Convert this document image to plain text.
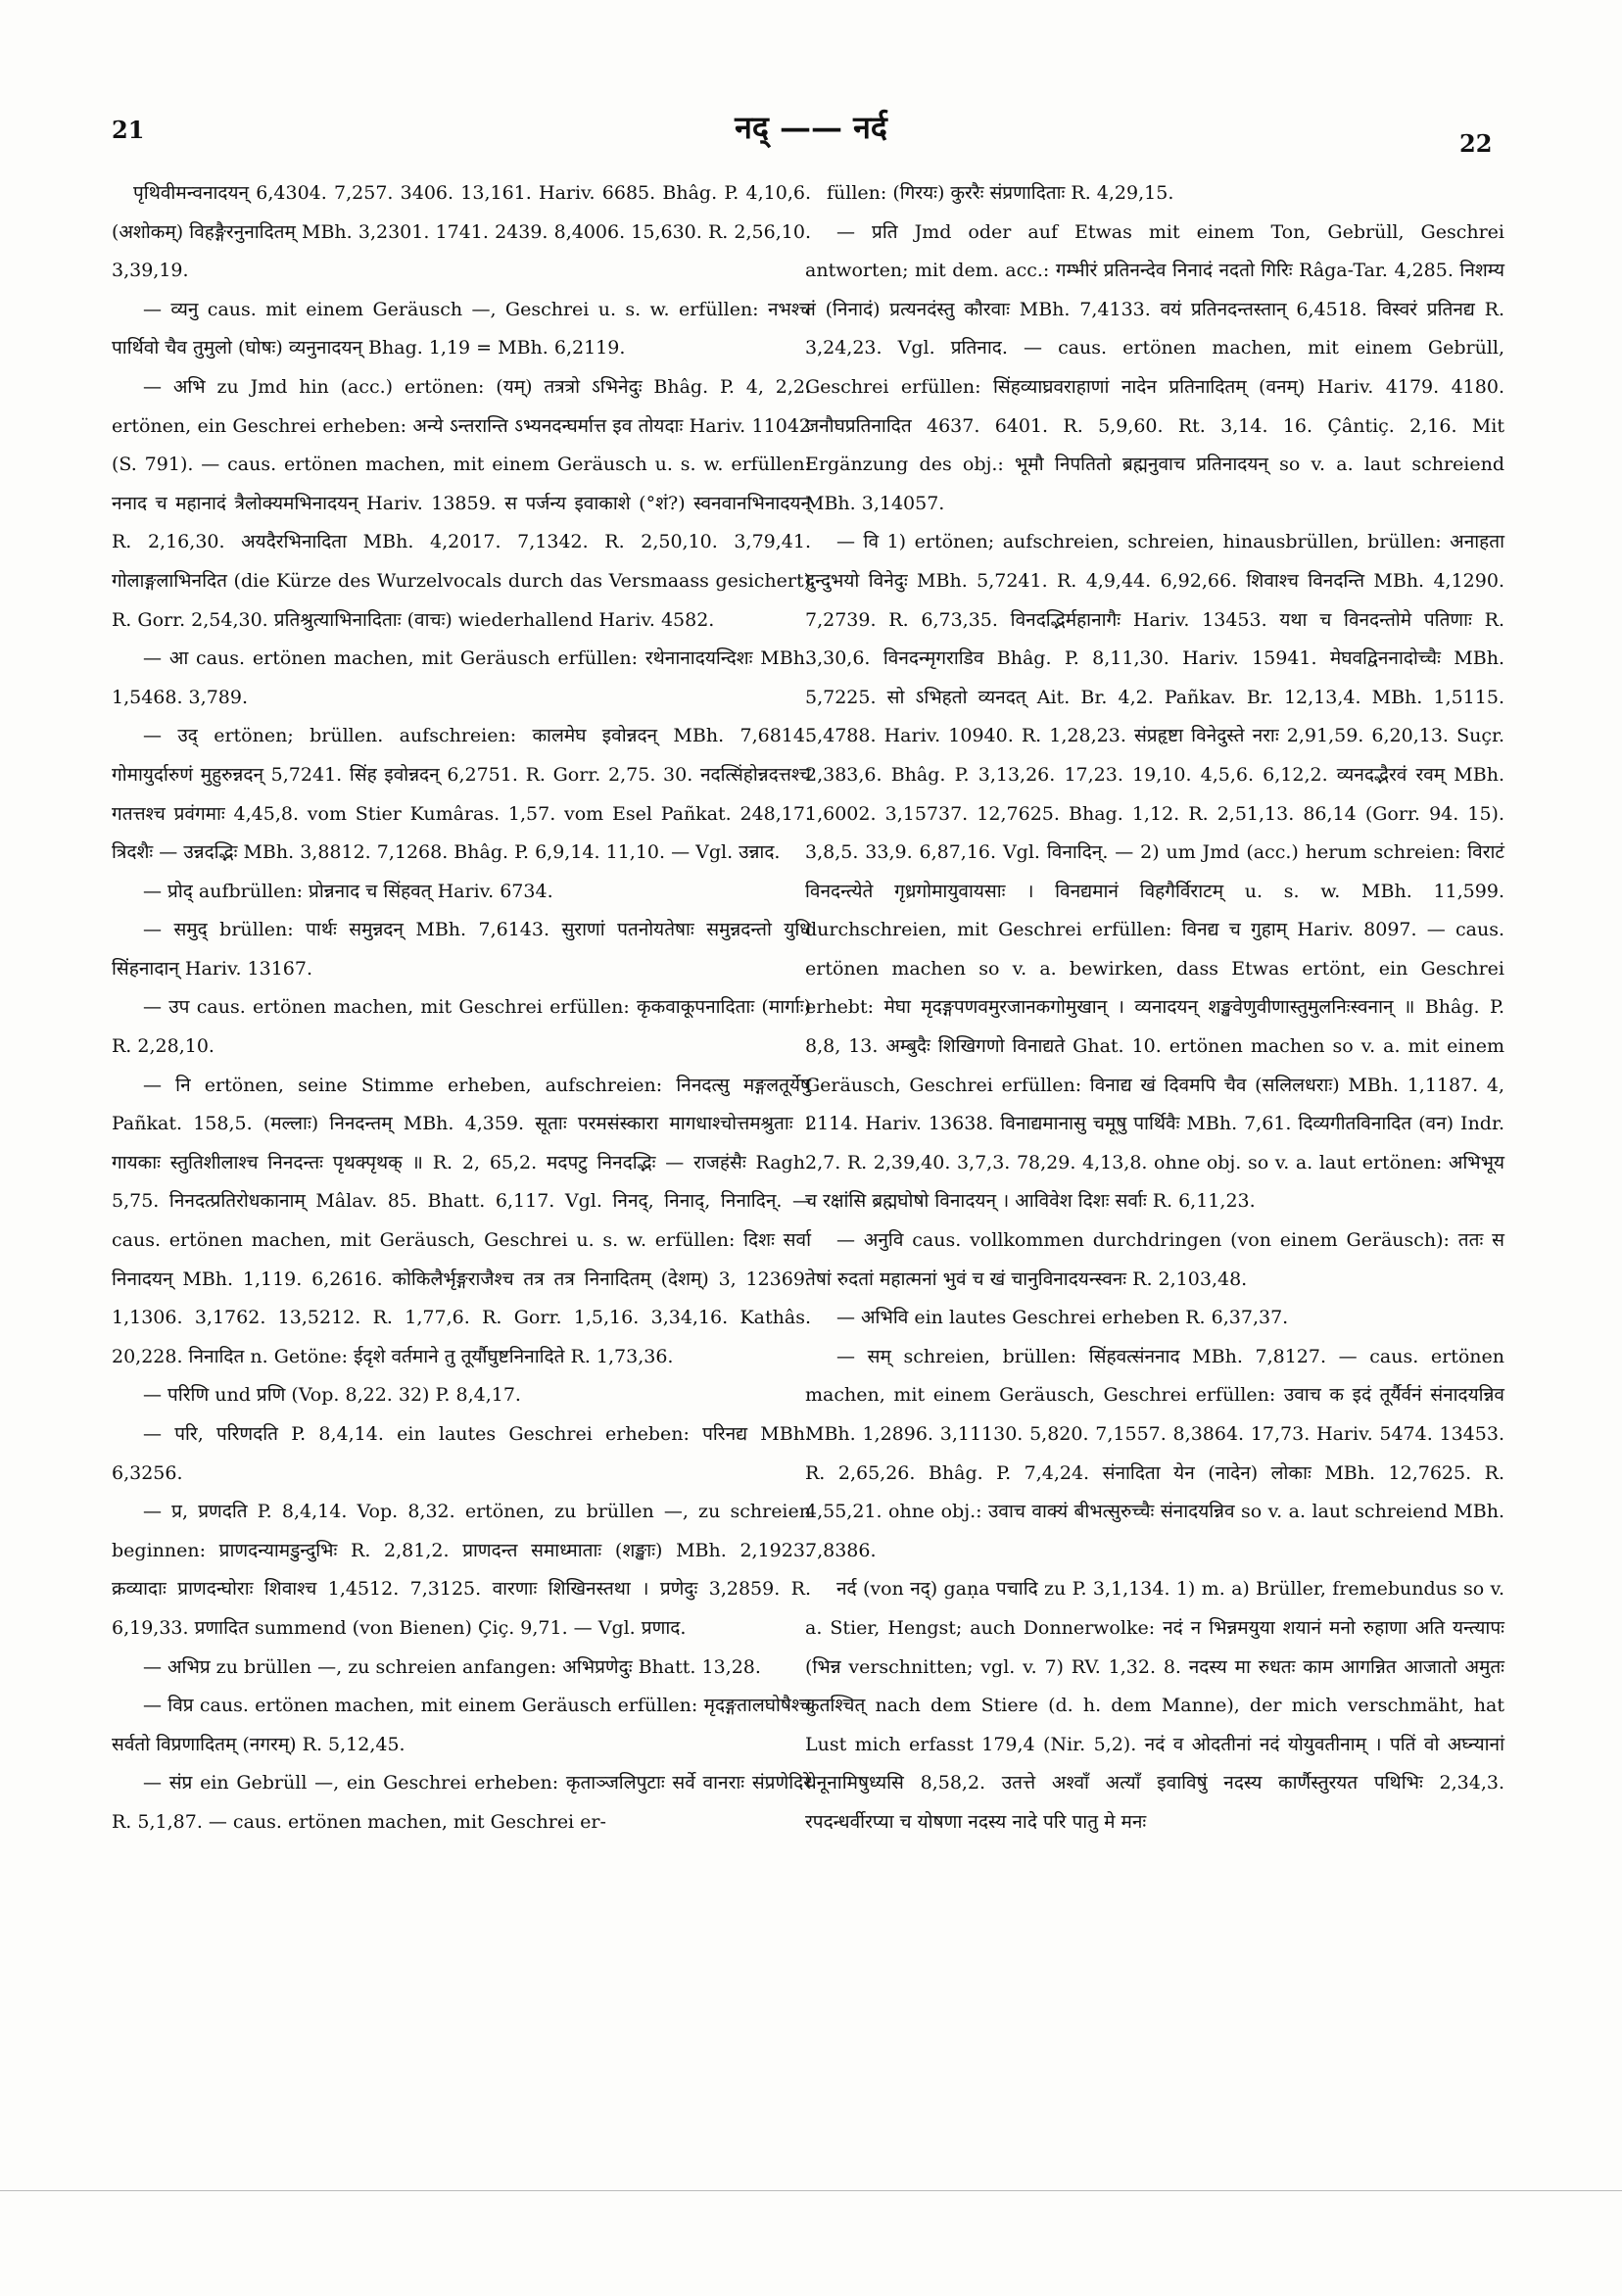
21	नद् —— नर्द	22

पृथिवीमन्वनादयन् 6,4304. 7,257. 3406. 13,161. Hariv. 6685. Bhâg. P. 4,10,6. (अशोकम्) विहङ्गैरनुनादितम् MBh. 3,2301. 1741. 2439. 8,4006. 15,630. R. 2,56,10. 3,39,19.

— व्यनु caus. mit einem Geräusch —, Geschrei u. s. w. erfüllen: नभश्च पार्थिवो चैव तुमुलो (घोषः) व्यनुनादयन् Bhag. 1,19 = MBh. 6,2119.

— अभि zu Jmd hin (acc.) ertönen: (यम्) तत्रत्रो ऽभिनेदुः Bhâg. P. 4, 2,2. ertönen, ein Geschrei erheben: अन्ये ऽन्तरान्ति ऽभ्यनदन्घर्मात्त इव तोयदाः Hariv. 11042 (S. 791). — caus. ertönen machen, mit einem Geräusch u. s. w. erfüllen: ननाद च महानादं त्रैलोक्यमभिनादयन् Hariv. 13859. स पर्जन्य इवाकाशे (°शं?) स्वनवानभिनादयन् R. 2,16,30. अयदैरभिनादिता MBh. 4,2017. 7,1342. R. 2,50,10. 3,79,41. गोलाङ्गलाभिनदित (die Kürze des Wurzelvocals durch das Versmaass gesichert) R. Gorr. 2,54,30. प्रतिश्रुत्याभिनादिताः (वाचः) wiederhallend Hariv. 4582.

— आ caus. ertönen machen, mit Geräusch erfüllen: रथेनानादयन्दिशः MBh. 1,5468. 3,789.

— उद् ertönen; brüllen. aufschreien: कालमेघ इवोन्नदन् MBh. 7,6814. गोमायुर्दारुणं मुहुरुन्नदन् 5,7241. सिंह इवोन्नदन् 6,2751. R. Gorr. 2,75. 30. नदत्सिंहोन्नदत्तश्च गतत्तश्च प्रवंगमाः 4,45,8. vom Stier Kumâras. 1,57. vom Esel Pañkat. 248,17. त्रिदशैः — उन्नदद्भिः MBh. 3,8812. 7,1268. Bhâg. P. 6,9,14. 11,10. — Vgl. उन्नाद.

— प्रोद् aufbrüllen: प्रोन्ननाद च सिंहवत् Hariv. 6734.

— समुद् brüllen: पार्थः समुन्नदन् MBh. 7,6143. सुराणां पतनोयतेषाः समुन्नदन्तो युधि सिंहनादान् Hariv. 13167.

— उप caus. ertönen machen, mit Geschrei erfüllen: कृकवाकूपनादिताः (मार्गाः) R. 2,28,10.

— नि ertönen, seine Stimme erheben, aufschreien: निनदत्सु मङ्गलतूर्येषु Pañkat. 158,5. (मल्लाः) निनदन्तम् MBh. 4,359. सूताः परमसंस्कारा मागधाश्चोत्तमश्रुताः । गायकाः स्तुतिशीलाश्च निनदन्तः पृथक्पृथक् ॥ R. 2, 65,2. मदपटु निनदद्भिः — राजहंसैः Ragh. 5,75. निनदत्प्रतिरोधकानाम् Mâlav. 85. Bhatt. 6,117. Vgl. निनद्, निनाद्, निनादिन्. — caus. ertönen machen, mit Geräusch, Geschrei u. s. w. erfüllen: दिशः सर्वा निनादयन् MBh. 1,119. 6,2616. कोकिलैर्भृङ्गराजैश्च तत्र तत्र निनादितम् (देशम्) 3, 12369. 1,1306. 3,1762. 13,5212. R. 1,77,6. R. Gorr. 1,5,16. 3,34,16. Kathâs. 20,228. निनादित n. Getöne: ईदृशे वर्तमाने तु तूर्यौघुष्टनिनादिते R. 1,73,36.

— परिणि und प्रणि (Vop. 8,22. 32) P. 8,4,17.

— परि, परिणदति P. 8,4,14. ein lautes Geschrei erheben: परिनद्य MBh. 6,3256.

— प्र, प्रणदति P. 8,4,14. Vop. 8,32. ertönen, zu brüllen —, zu schreien beginnen: प्राणदन्यामडुन्दुभिः R. 2,81,2. प्राणदन्त समाध्माताः (शङ्खाः) MBh. 2,1923. क्रव्यादाः प्राणदन्घोराः शिवाश्च 1,4512. 7,3125. वारणाः शिखिनस्तथा । प्रणेदुः 3,2859. R. 6,19,33. प्रणादित summend (von Bienen) Çiç. 9,71. — Vgl. प्रणाद.

— अभिप्र zu brüllen —, zu schreien anfangen: अभिप्रणेदुः Bhatt. 13,28.

— विप्र caus. ertönen machen, mit einem Geräusch erfüllen: मृदङ्गतालघोषैश्च सर्वतो विप्रणादितम् (नगरम्) R. 5,12,45.

— संप्र ein Gebrüll —, ein Geschrei erheben: कृताञ्जलिपुटाः सर्वे वानराः संप्रणेदिरे R. 5,1,87. — caus. ertönen machen, mit Geschrei er-

füllen: (गिरयः) कुररैः संप्रणादिताः R. 4,29,15.

— प्रति Jmd oder auf Etwas mit einem Ton, Gebrüll, Geschrei antworten; mit dem. acc.: गम्भीरं प्रतिनन्देव निनादं नदतो गिरिः Râga-Tar. 4,285. निशम्य तं (निनादं) प्रत्यनदंस्तु कौरवाः MBh. 7,4133. वयं प्रतिनदन्तस्तान् 6,4518. विस्वरं प्रतिनद्य R. 3,24,23. Vgl. प्रतिनाद. — caus. ertönen machen, mit einem Gebrüll, Geschrei erfüllen: सिंहव्याघ्रवराहाणां नादेन प्रतिनादितम् (वनम्) Hariv. 4179. 4180. जनौघप्रतिनादित 4637. 6401. R. 5,9,60. Rt. 3,14. 16. Çântiç. 2,16. Mit Ergänzung des obj.: भूमौ निपतितो ब्रह्मनुवाच प्रतिनादयन् so v. a. laut schreiend MBh. 3,14057.

— वि 1) ertönen; aufschreien, schreien, hinausbrüllen, brüllen: अनाहता दुन्दुभयो विनेदुः MBh. 5,7241. R. 4,9,44. 6,92,66. शिवाश्च विनदन्ति MBh. 4,1290. 7,2739. R. 6,73,35. विनदद्भिर्महानागैः Hariv. 13453. यथा च विनदन्तोमे पतिणाः R. 3,30,6. विनदन्मृगराडिव Bhâg. P. 8,11,30. Hariv. 15941. मेघवद्विननादोच्चैः MBh. 5,7225. सो ऽभिहतो व्यनदत् Ait. Br. 4,2. Pañkav. Br. 12,13,4. MBh. 1,5115. 5,4788. Hariv. 10940. R. 1,28,23. संप्रहृष्टा विनेदुस्ते नराः 2,91,59. 6,20,13. Suçr. 2,383,6. Bhâg. P. 3,13,26. 17,23. 19,10. 4,5,6. 6,12,2. व्यनदद्भैरवं रवम् MBh. 1,6002. 3,15737. 12,7625. Bhag. 1,12. R. 2,51,13. 86,14 (Gorr. 94. 15). 3,8,5. 33,9. 6,87,16. Vgl. विनादिन्. — 2) um Jmd (acc.) herum schreien: विराटं विनदन्त्येते गृध्रगोमायुवायसाः । विनद्यमानं विहगैर्विराटम् u. s. w. MBh. 11,599. durchschreien, mit Geschrei erfüllen: विनद्य च गुहाम् Hariv. 8097. — caus. ertönen machen so v. a. bewirken, dass Etwas ertönt, ein Geschrei erhebt: मेघा मृदङ्गपणवमुरजानकगोमुखान् । व्यनादयन् शङ्खवेणुवीणास्तुमुलनिःस्वनान् ॥ Bhâg. P. 8,8, 13. अम्बुदैः शिखिगणो विनाद्यते Ghat. 10. ertönen machen so v. a. mit einem Geräusch, Geschrei erfüllen: विनाद्य खं दिवमपि चैव (सलिलधराः) MBh. 1,1187. 4, 2114. Hariv. 13638. विनाद्यमानासु चमूषु पार्थिवैः MBh. 7,61. दिव्यगीतविनादित (वन) Indr. 2,7. R. 2,39,40. 3,7,3. 78,29. 4,13,8. ohne obj. so v. a. laut ertönen: अभिभूय च रक्षांसि ब्रह्मघोषो विनादयन् । आविवेश दिशः सर्वाः R. 6,11,23.

— अनुवि caus. vollkommen durchdringen (von einem Geräusch): ततः स तेषां रुदतां महात्मनां भुवं च खं चानुविनादयन्स्वनः R. 2,103,48.

— अभिवि ein lautes Geschrei erheben R. 6,37,37.

— सम् schreien, brüllen: सिंहवत्संननाद MBh. 7,8127. — caus. ertönen machen, mit einem Geräusch, Geschrei erfüllen: उवाच क इदं तूर्यैर्वनं संनादयन्निव MBh. 1,2896. 3,11130. 5,820. 7,1557. 8,3864. 17,73. Hariv. 5474. 13453. R. 2,65,26. Bhâg. P. 7,4,24. संनादिता येन (नादेन) लोकाः MBh. 12,7625. R. 4,55,21. ohne obj.: उवाच वाक्यं बीभत्सुरुच्चैः संनादयन्निव so v. a. laut schreiend MBh. 7,8386.

नर्द (von नद्) gaṇa पचादि zu P. 3,1,134. 1) m. a) Brüller, fremebundus so v. a. Stier, Hengst; auch Donnerwolke: नदं न भिन्नमयुया शयानं मनो रुहाणा अति यन्त्यापः (भिन्न verschnitten; vgl. v. 7) RV. 1,32. 8. नदस्य मा रुधतः काम आगन्नित आजातो अमुतः कुतश्चित् nach dem Stiere (d. h. dem Manne), der mich verschmäht, hat Lust mich erfasst 179,4 (Nir. 5,2). नदं व ओदतीनां नदं योयुवतीनाम् । पतिं वो अघ्न्यानां धेनूनामिषुध्यसि 8,58,2. उतत्ते अश्वाँ अत्याँ इवाविषुं नदस्य कार्णैस्तुरयत पथिभिः 2,34,3. रपदन्धर्वीरप्या च योषणा नदस्य नादे परि पातु मे मनः
